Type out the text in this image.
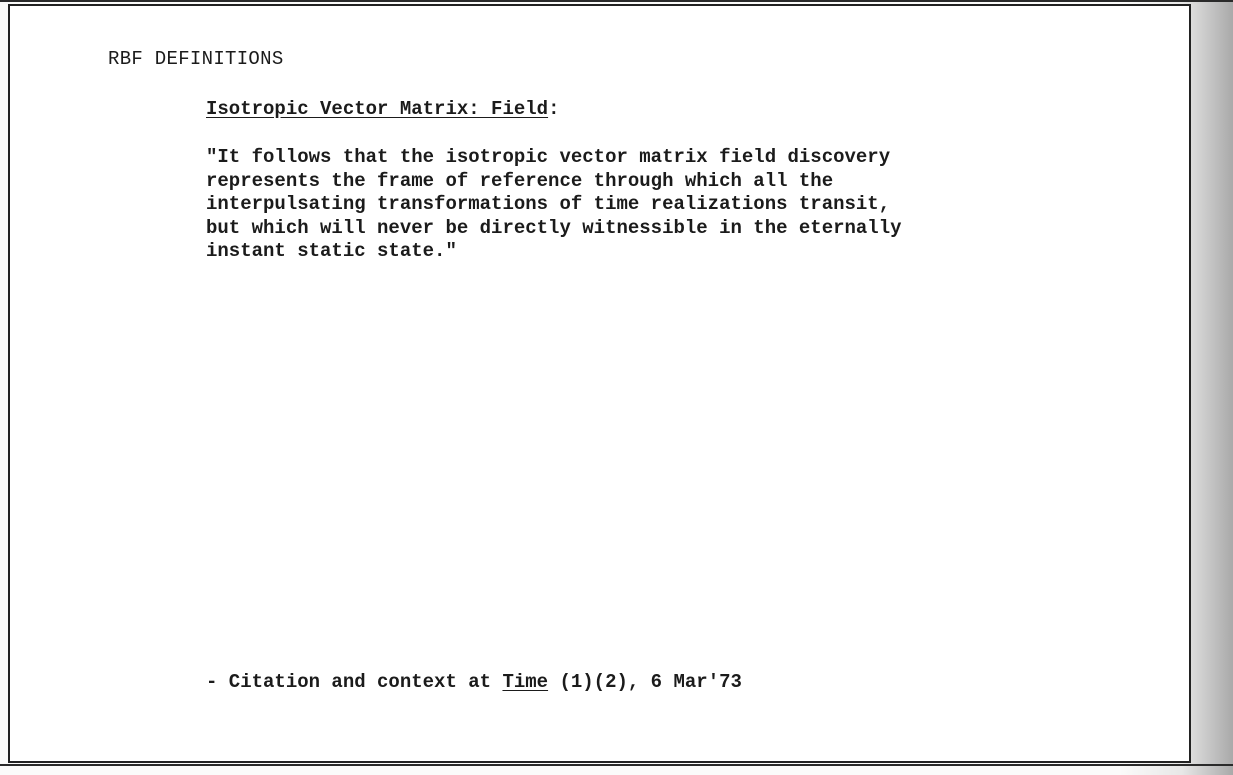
RBF DEFINITIONS
Isotropic Vector Matrix: Field:
"It follows that the isotropic vector matrix field discovery
represents the frame of reference through which all the
interpulsating transformations of time realizations transit,
but which will never be directly witnessible in the eternally
instant static state."
- Citation and context at Time (1)(2), 6 Mar'73
